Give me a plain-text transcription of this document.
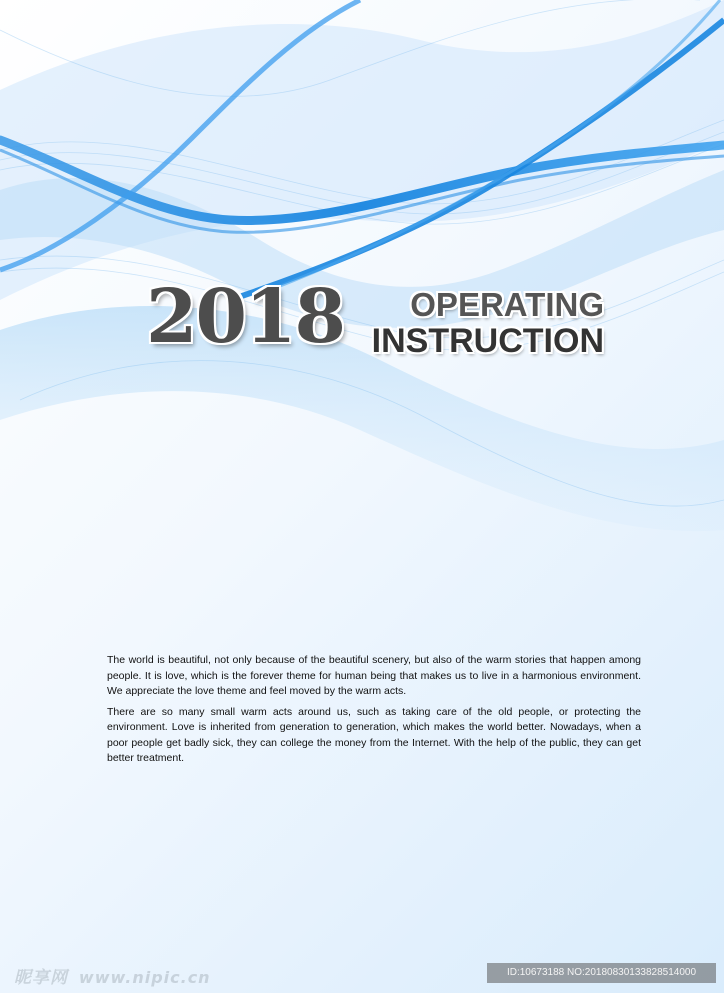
2018	OPERATING
INSTRUCTION

The world is beautiful, not only because of the beautiful scenery, but also of the warm stories that happen among people. It is love, which is the forever theme for human being that makes us to live in a harmonious environment. We appreciate the love theme and feel moved by the warm acts.

There are so many small warm acts around us, such as taking care of the old people, or protecting the environment. Love is inherited from generation to generation, which makes the world better. Nowadays, when a poor people get badly sick, they can college the money from the Internet. With the help of the public, they can get better treatment.

昵享网 www.nipic.cn	ID:10673188 NO:20180830133828514000
